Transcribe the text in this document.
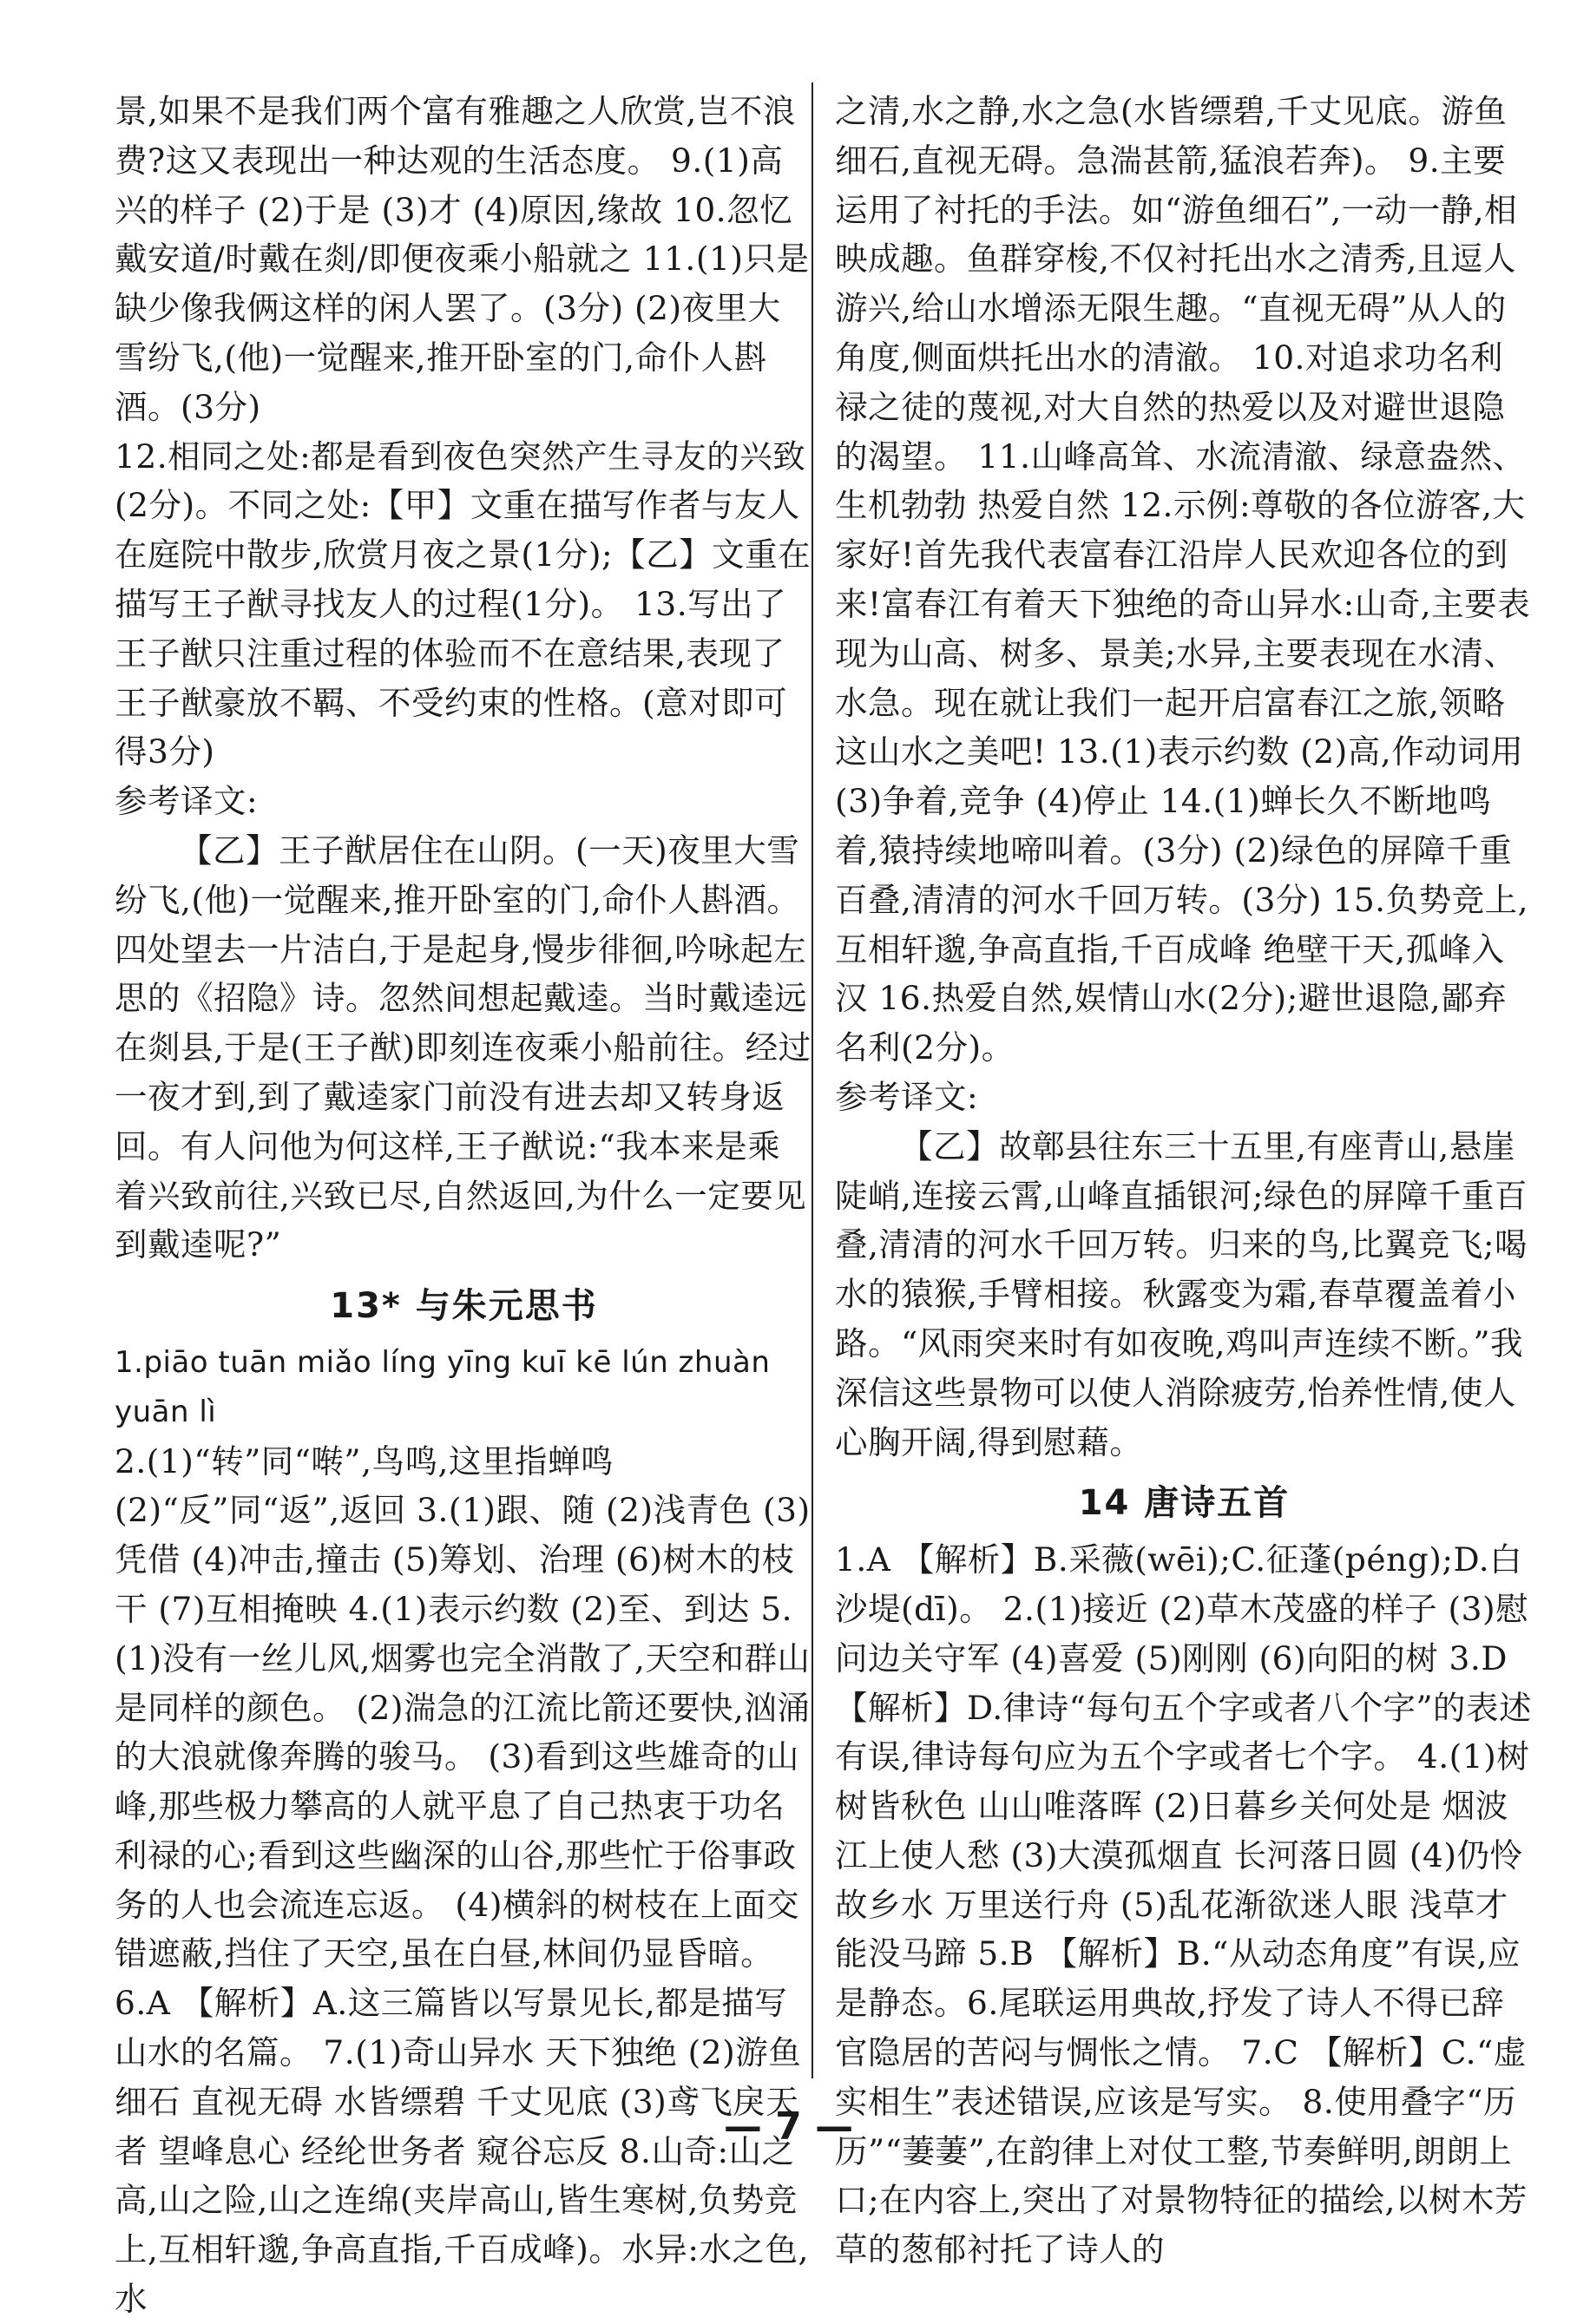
景,如果不是我们两个富有雅趣之人欣赏,岂不浪费?这又表现出一种达观的生活态度。 9.(1)高兴的样子 (2)于是 (3)才 (4)原因,缘故 10.忽忆戴安道/时戴在剡/即便夜乘小船就之 11.(1)只是缺少像我俩这样的闲人罢了。(3分) (2)夜里大雪纷飞,(他)一觉醒来,推开卧室的门,命仆人斟酒。(3分)

12.相同之处:都是看到夜色突然产生寻友的兴致(2分)。不同之处:【甲】文重在描写作者与友人在庭院中散步,欣赏月夜之景(1分);【乙】文重在描写王子猷寻找友人的过程(1分)。 13.写出了王子猷只注重过程的体验而不在意结果,表现了王子猷豪放不羁、不受约束的性格。(意对即可得3分)

参考译文:

【乙】王子猷居住在山阴。(一天)夜里大雪纷飞,(他)一觉醒来,推开卧室的门,命仆人斟酒。四处望去一片洁白,于是起身,慢步徘徊,吟咏起左思的《招隐》诗。忽然间想起戴逵。当时戴逵远在剡县,于是(王子猷)即刻连夜乘小船前往。经过一夜才到,到了戴逵家门前没有进去却又转身返回。有人问他为何这样,王子猷说:“我本来是乘着兴致前往,兴致已尽,自然返回,为什么一定要见到戴逵呢?”

13* 与朱元思书

1.piāo tuān miǎo líng yīng kuī kē lún zhuàn yuān lì

2.(1)“转”同“啭”,鸟鸣,这里指蝉鸣 (2)“反”同“返”,返回 3.(1)跟、随 (2)浅青色 (3)凭借 (4)冲击,撞击 (5)筹划、治理 (6)树木的枝干 (7)互相掩映 4.(1)表示约数 (2)至、到达 5.(1)没有一丝儿风,烟雾也完全消散了,天空和群山是同样的颜色。 (2)湍急的江流比箭还要快,汹涌的大浪就像奔腾的骏马。 (3)看到这些雄奇的山峰,那些极力攀高的人就平息了自己热衷于功名利禄的心;看到这些幽深的山谷,那些忙于俗事政务的人也会流连忘返。 (4)横斜的树枝在上面交错遮蔽,挡住了天空,虽在白昼,林间仍显昏暗。

6.A 【解析】A.这三篇皆以写景见长,都是描写山水的名篇。 7.(1)奇山异水 天下独绝 (2)游鱼细石 直视无碍 水皆缥碧 千丈见底 (3)鸢飞戾天者 望峰息心 经纶世务者 窥谷忘反 8.山奇:山之高,山之险,山之连绵(夹岸高山,皆生寒树,负势竞上,互相轩邈,争高直指,千百成峰)。水异:水之色,水

之清,水之静,水之急(水皆缥碧,千丈见底。游鱼细石,直视无碍。急湍甚箭,猛浪若奔)。 9.主要运用了衬托的手法。如“游鱼细石”,一动一静,相映成趣。鱼群穿梭,不仅衬托出水之清秀,且逗人游兴,给山水增添无限生趣。“直视无碍”从人的角度,侧面烘托出水的清澈。 10.对追求功名利禄之徒的蔑视,对大自然的热爱以及对避世退隐的渴望。 11.山峰高耸、水流清澈、绿意盎然、生机勃勃 热爱自然 12.示例:尊敬的各位游客,大家好!首先我代表富春江沿岸人民欢迎各位的到来!富春江有着天下独绝的奇山异水:山奇,主要表现为山高、树多、景美;水异,主要表现在水清、水急。现在就让我们一起开启富春江之旅,领略这山水之美吧! 13.(1)表示约数 (2)高,作动词用 (3)争着,竞争 (4)停止 14.(1)蝉长久不断地鸣着,猿持续地啼叫着。(3分) (2)绿色的屏障千重百叠,清清的河水千回万转。(3分) 15.负势竞上,互相轩邈,争高直指,千百成峰 绝壁干天,孤峰入汉 16.热爱自然,娱情山水(2分);避世退隐,鄙弃名利(2分)。

参考译文:

【乙】故鄣县往东三十五里,有座青山,悬崖陡峭,连接云霄,山峰直插银河;绿色的屏障千重百叠,清清的河水千回万转。归来的鸟,比翼竞飞;喝水的猿猴,手臂相接。秋露变为霜,春草覆盖着小路。“风雨突来时有如夜晚,鸡叫声连续不断。”我深信这些景物可以使人消除疲劳,怡养性情,使人心胸开阔,得到慰藉。

14 唐诗五首

1.A 【解析】B.采薇(wēi);C.征蓬(péng);D.白沙堤(dī)。 2.(1)接近 (2)草木茂盛的样子 (3)慰问边关守军 (4)喜爱 (5)刚刚 (6)向阳的树 3.D 【解析】D.律诗“每句五个字或者八个字”的表述有误,律诗每句应为五个字或者七个字。 4.(1)树树皆秋色 山山唯落晖 (2)日暮乡关何处是 烟波江上使人愁 (3)大漠孤烟直 长河落日圆 (4)仍怜故乡水 万里送行舟 (5)乱花渐欲迷人眼 浅草才能没马蹄 5.B 【解析】B.“从动态角度”有误,应是静态。6.尾联运用典故,抒发了诗人不得已辞官隐居的苦闷与惆怅之情。 7.C 【解析】C.“虚实相生”表述错误,应该是写实。 8.使用叠字“历历”“萋萋”,在韵律上对仗工整,节奏鲜明,朗朗上口;在内容上,突出了对景物特征的描绘,以树木芳草的葱郁衬托了诗人的

— 7 —
